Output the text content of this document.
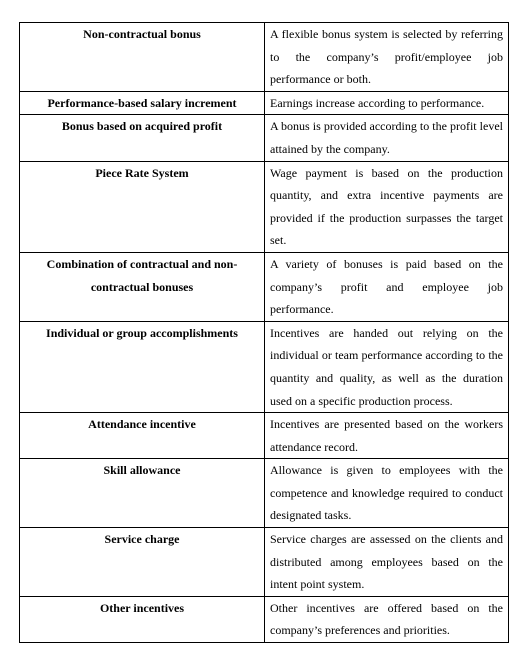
Non-contractual bonus	A flexible bonus system is selected by referring to the company’s profit/employee job performance or both.
Performance-based salary increment	Earnings increase according to performance.
Bonus based on acquired profit	A bonus is provided according to the profit level attained by the company.
Piece Rate System	Wage payment is based on the production quantity, and extra incentive payments are provided if the production surpasses the target set.
Combination of contractual and non-contractual bonuses	A variety of bonuses is paid based on the company’s profit and employee job performance.
Individual or group accomplishments	Incentives are handed out relying on the individual or team performance according to the quantity and quality, as well as the duration used on a specific production process.
Attendance incentive	Incentives are presented based on the workers attendance record.
Skill allowance	Allowance is given to employees with the competence and knowledge required to conduct designated tasks.
Service charge	Service charges are assessed on the clients and distributed among employees based on the intent point system.
Other incentives	Other incentives are offered based on the company’s preferences and priorities.
